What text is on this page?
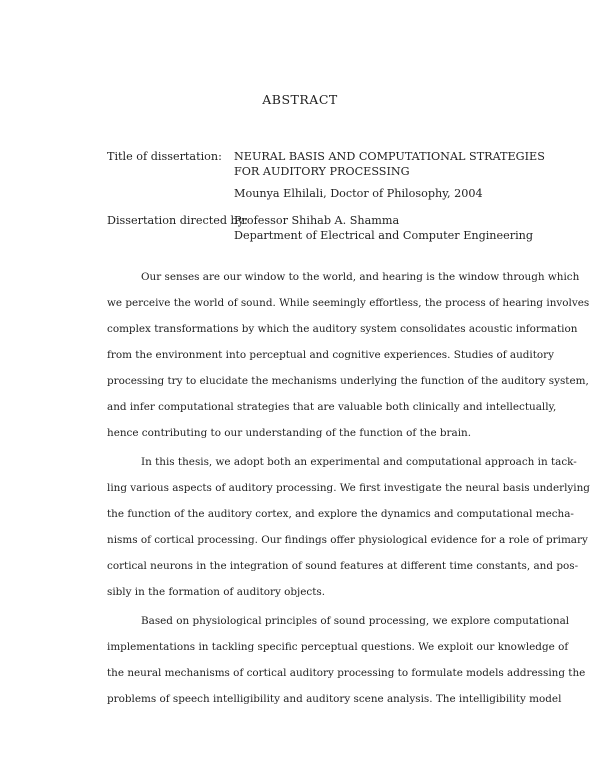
ABSTRACT
Title of dissertation: NEURAL BASIS AND COMPUTATIONAL STRATEGIES
FOR AUDITORY PROCESSING
Mounya Elhilali, Doctor of Philosophy, 2004
Dissertation directed by:
Professor Shihab A. Shamma
Department of Electrical and Computer Engineering

Our senses are our window to the world, and hearing is the window through which
we perceive the world of sound. While seemingly effortless, the process of hearing involves
complex transformations by which the auditory system consolidates acoustic information
from the environment into perceptual and cognitive experiences. Studies of auditory
processing try to elucidate the mechanisms underlying the function of the auditory system,
and infer computational strategies that are valuable both clinically and intellectually,
hence contributing to our understanding of the function of the brain.

In this thesis, we adopt both an experimental and computational approach in tack-
ling various aspects of auditory processing. We first investigate the neural basis underlying
the function of the auditory cortex, and explore the dynamics and computational mecha-
nisms of cortical processing. Our findings offer physiological evidence for a role of primary
cortical neurons in the integration of sound features at different time constants, and pos-
sibly in the formation of auditory objects.

Based on physiological principles of sound processing, we explore computational
implementations in tackling specific perceptual questions. We exploit our knowledge of
the neural mechanisms of cortical auditory processing to formulate models addressing the
problems of speech intelligibility and auditory scene analysis. The intelligibility model
